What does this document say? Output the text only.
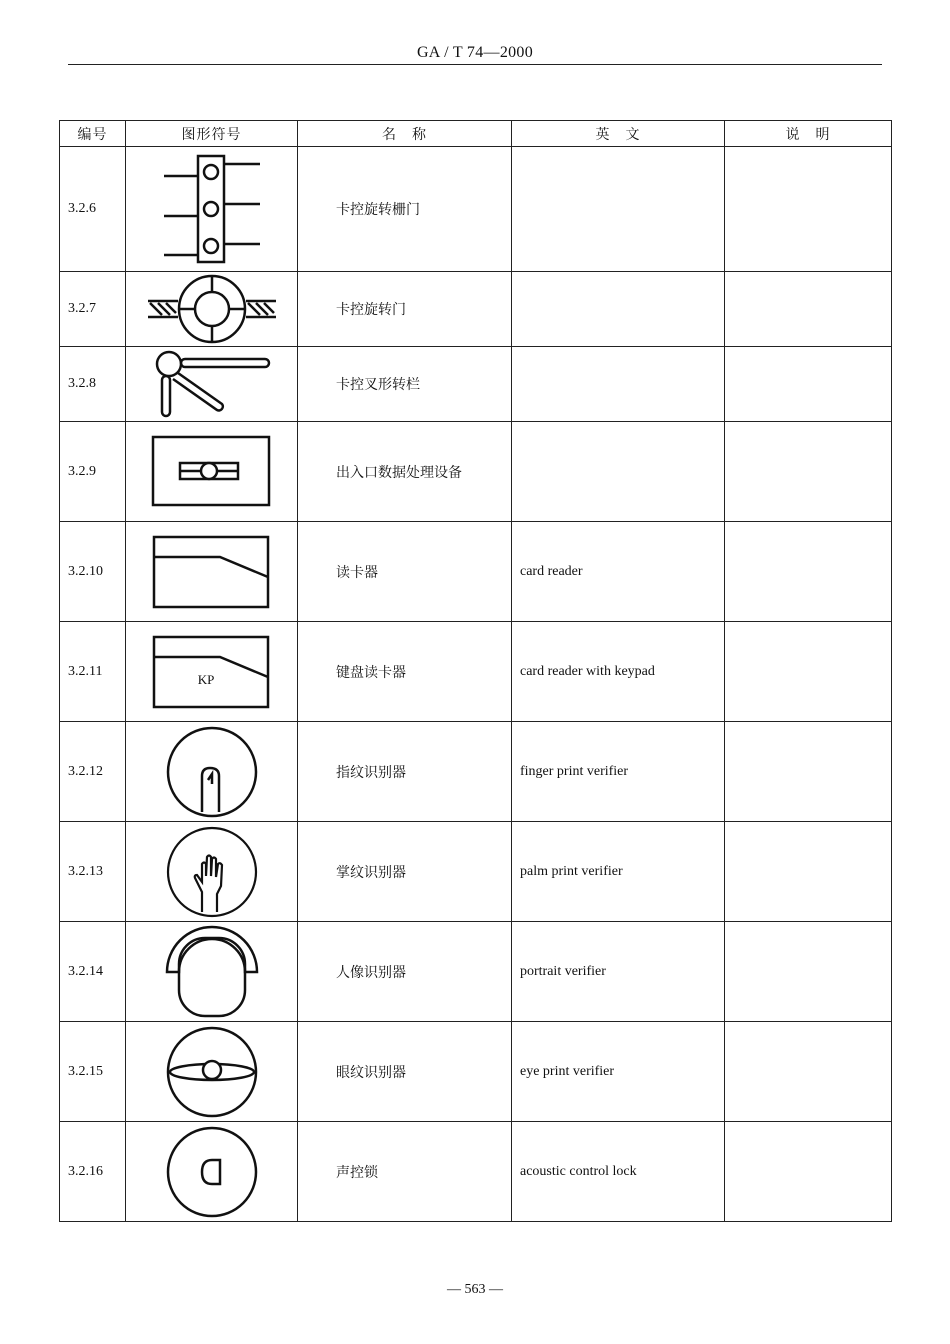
GA / T 74—2000
编号	图形符号	名　称	英　文	说　明
3.2.6		卡控旋转栅门		
3.2.7		卡控旋转门		
3.2.8		卡控叉形转栏		
3.2.9		出入口数据处理设备		
3.2.10		读卡器	card reader	
3.2.11	KP	键盘读卡器	card reader with keypad	
3.2.12		指纹识别器	finger print verifier	
3.2.13		掌纹识别器	palm print verifier	
3.2.14		人像识别器	portrait verifier	
3.2.15		眼纹识别器	eye print verifier	
3.2.16		声控锁	acoustic control lock	
— 563 —
